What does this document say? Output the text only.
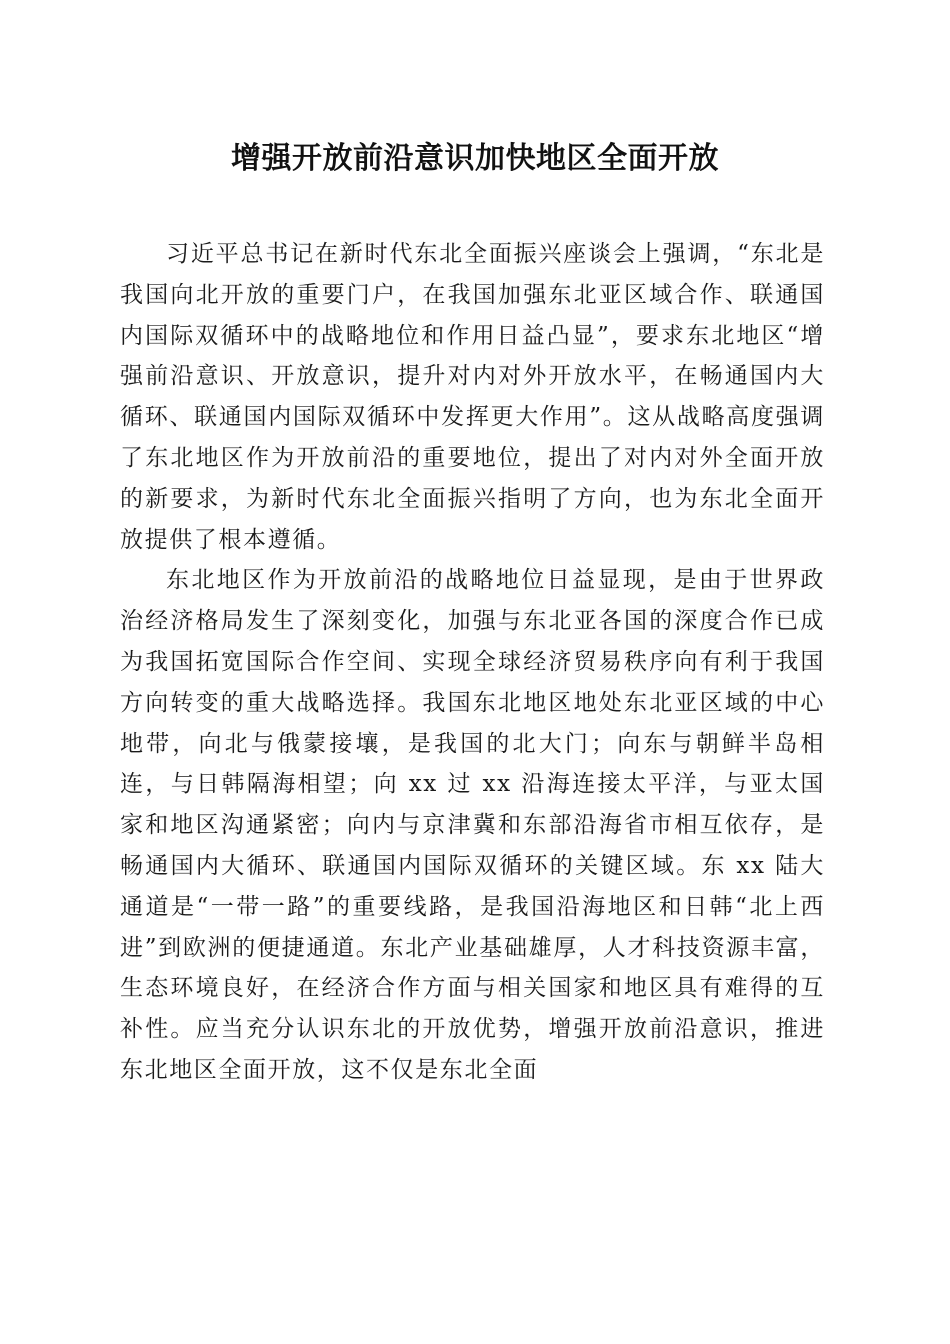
增强开放前沿意识加快地区全面开放

习近平总书记在新时代东北全面振兴座谈会上强调，“东北是我国向北开放的重要门户，在我国加强东北亚区域合作、联通国内国际双循环中的战略地位和作用日益凸显”，要求东北地区“增强前沿意识、开放意识，提升对内对外开放水平，在畅通国内大循环、联通国内国际双循环中发挥更大作用”。这从战略高度强调了东北地区作为开放前沿的重要地位，提出了对内对外全面开放的新要求，为新时代东北全面振兴指明了方向，也为东北全面开放提供了根本遵循。

东北地区作为开放前沿的战略地位日益显现，是由于世界政治经济格局发生了深刻变化，加强与东北亚各国的深度合作已成为我国拓宽国际合作空间、实现全球经济贸易秩序向有利于我国方向转变的重大战略选择。我国东北地区地处东北亚区域的中心地带，向北与俄蒙接壤，是我国的北大门；向东与朝鲜半岛相连，与日韩隔海相望；向 xx 过 xx 沿海连接太平洋，与亚太国家和地区沟通紧密；向内与京津冀和东部沿海省市相互依存，是畅通国内大循环、联通国内国际双循环的关键区域。东 xx 陆大通道是“一带一路”的重要线路，是我国沿海地区和日韩“北上西进”到欧洲的便捷通道。东北产业基础雄厚，人才科技资源丰富，生态环境良好，在经济合作方面与相关国家和地区具有难得的互补性。应当充分认识东北的开放优势，增强开放前沿意识，推进东北地区全面开放，这不仅是东北全面
